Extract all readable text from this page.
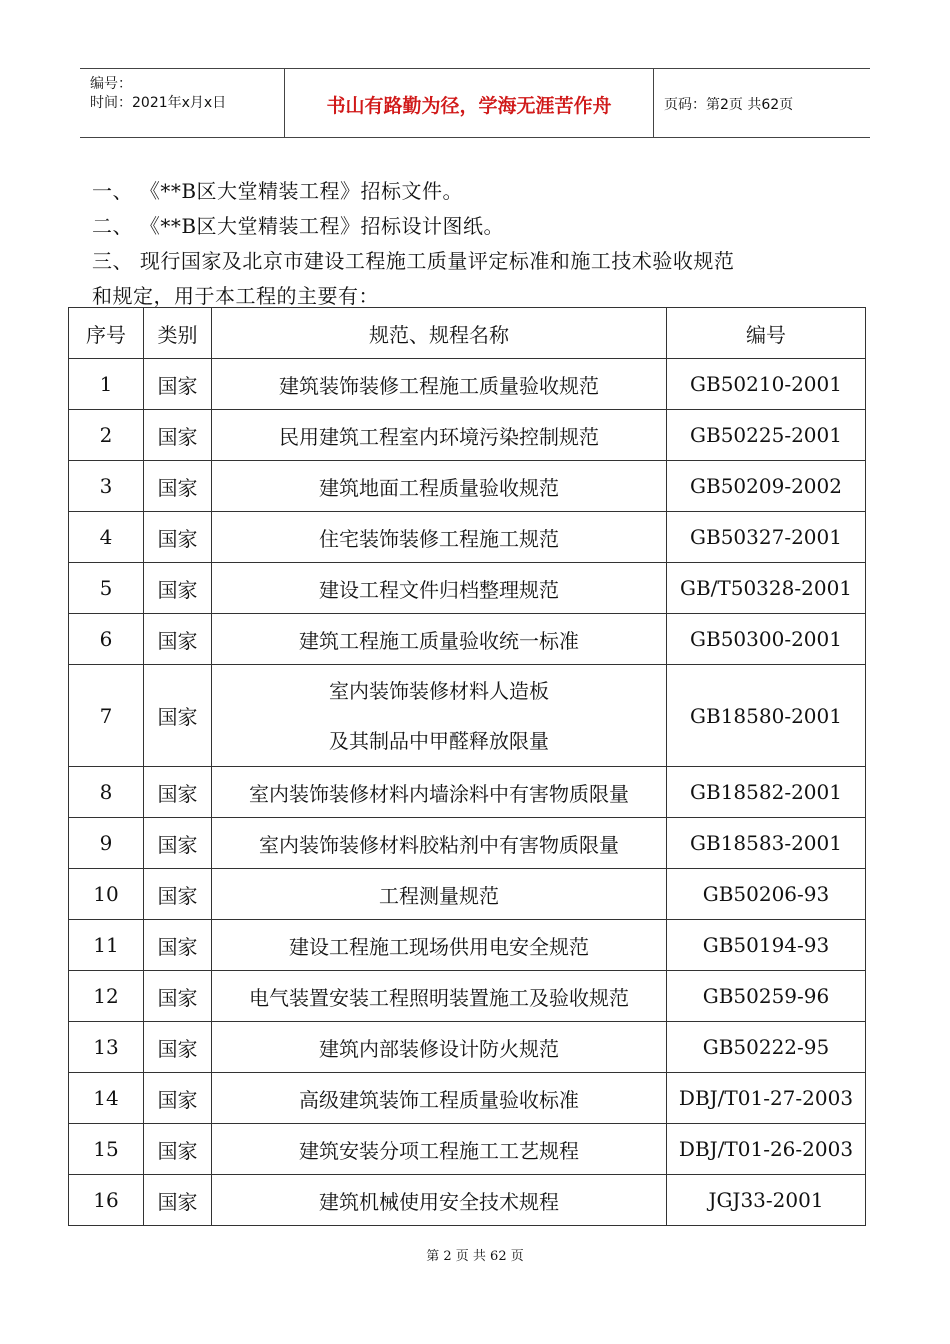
编号：
时间：2021年x月x日	书山有路勤为径，学海无涯苦作舟	页码：第2页 共62页
一、 《**B区大堂精装工程》招标文件。
二、 《**B区大堂精装工程》招标设计图纸。
三、 现行国家及北京市建设工程施工质量评定标准和施工技术验收规范
和规定，用于本工程的主要有：
序号	类别	规范、规程名称	编号
1	国家	建筑装饰装修工程施工质量验收规范	GB50210-2001
2	国家	民用建筑工程室内环境污染控制规范	GB50225-2001
3	国家	建筑地面工程质量验收规范	GB50209-2002
4	国家	住宅装饰装修工程施工规范	GB50327-2001
5	国家	建设工程文件归档整理规范	GB/T50328-2001
6	国家	建筑工程施工质量验收统一标准	GB50300-2001
7	国家	室内装饰装修材料人造板
及其制品中甲醛释放限量	GB18580-2001
8	国家	室内装饰装修材料内墙涂料中有害物质限量	GB18582-2001
9	国家	室内装饰装修材料胶粘剂中有害物质限量	GB18583-2001
10	国家	工程测量规范	GB50206-93
11	国家	建设工程施工现场供用电安全规范	GB50194-93
12	国家	电气装置安装工程照明装置施工及验收规范	GB50259-96
13	国家	建筑内部装修设计防火规范	GB50222-95
14	国家	高级建筑装饰工程质量验收标准	DBJ/T01-27-2003
15	国家	建筑安装分项工程施工工艺规程	DBJ/T01-26-2003
16	国家	建筑机械使用安全技术规程	JGJ33-2001
第 2 页 共 62 页
